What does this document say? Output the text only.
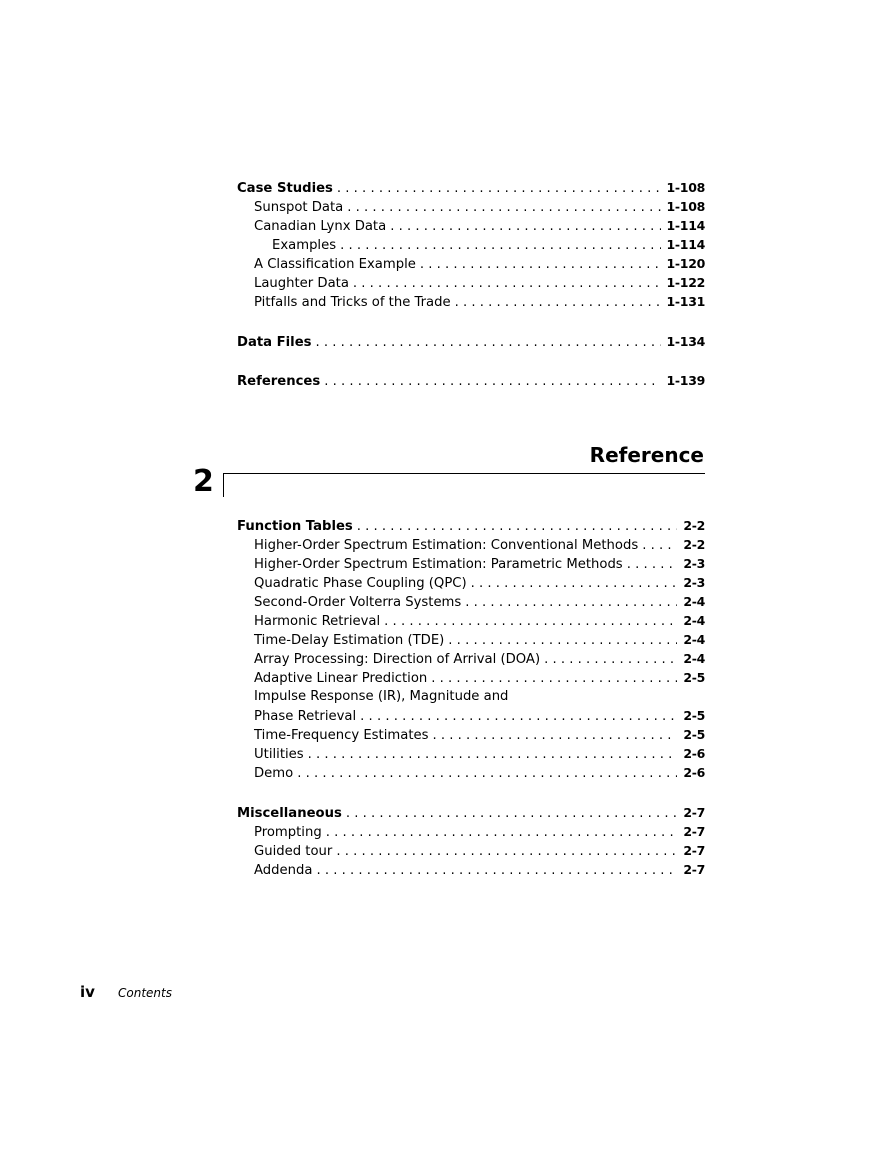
Case Studies . . .	1-108
Sunspot Data . . .	1-108
Canadian Lynx Data . . .	1-114
Examples . . .	1-114
A Classification Example . . .	1-120
Laughter Data . . .	1-122
Pitfalls and Tricks of the Trade . . .	1-131
Data Files . . .	1-134
References . . .	1-139
Reference
2
Function Tables . . .	2-2
Higher-Order Spectrum Estimation: Conventional Methods . . .	2-2
Higher-Order Spectrum Estimation: Parametric Methods . . .	2-3
Quadratic Phase Coupling (QPC) . . .	2-3
Second-Order Volterra Systems . . .	2-4
Harmonic Retrieval . . .	2-4
Time-Delay Estimation (TDE) . . .	2-4
Array Processing: Direction of Arrival (DOA) . . .	2-4
Adaptive Linear Prediction . . .	2-5
Impulse Response (IR), Magnitude and
Phase Retrieval . . .	2-5
Time-Frequency Estimates . . .	2-5
Utilities . . .	2-6
Demo . . .	2-6
Miscellaneous . . .	2-7
Prompting . . .	2-7
Guided tour . . .	2-7
Addenda . . .	2-7
iv Contents
